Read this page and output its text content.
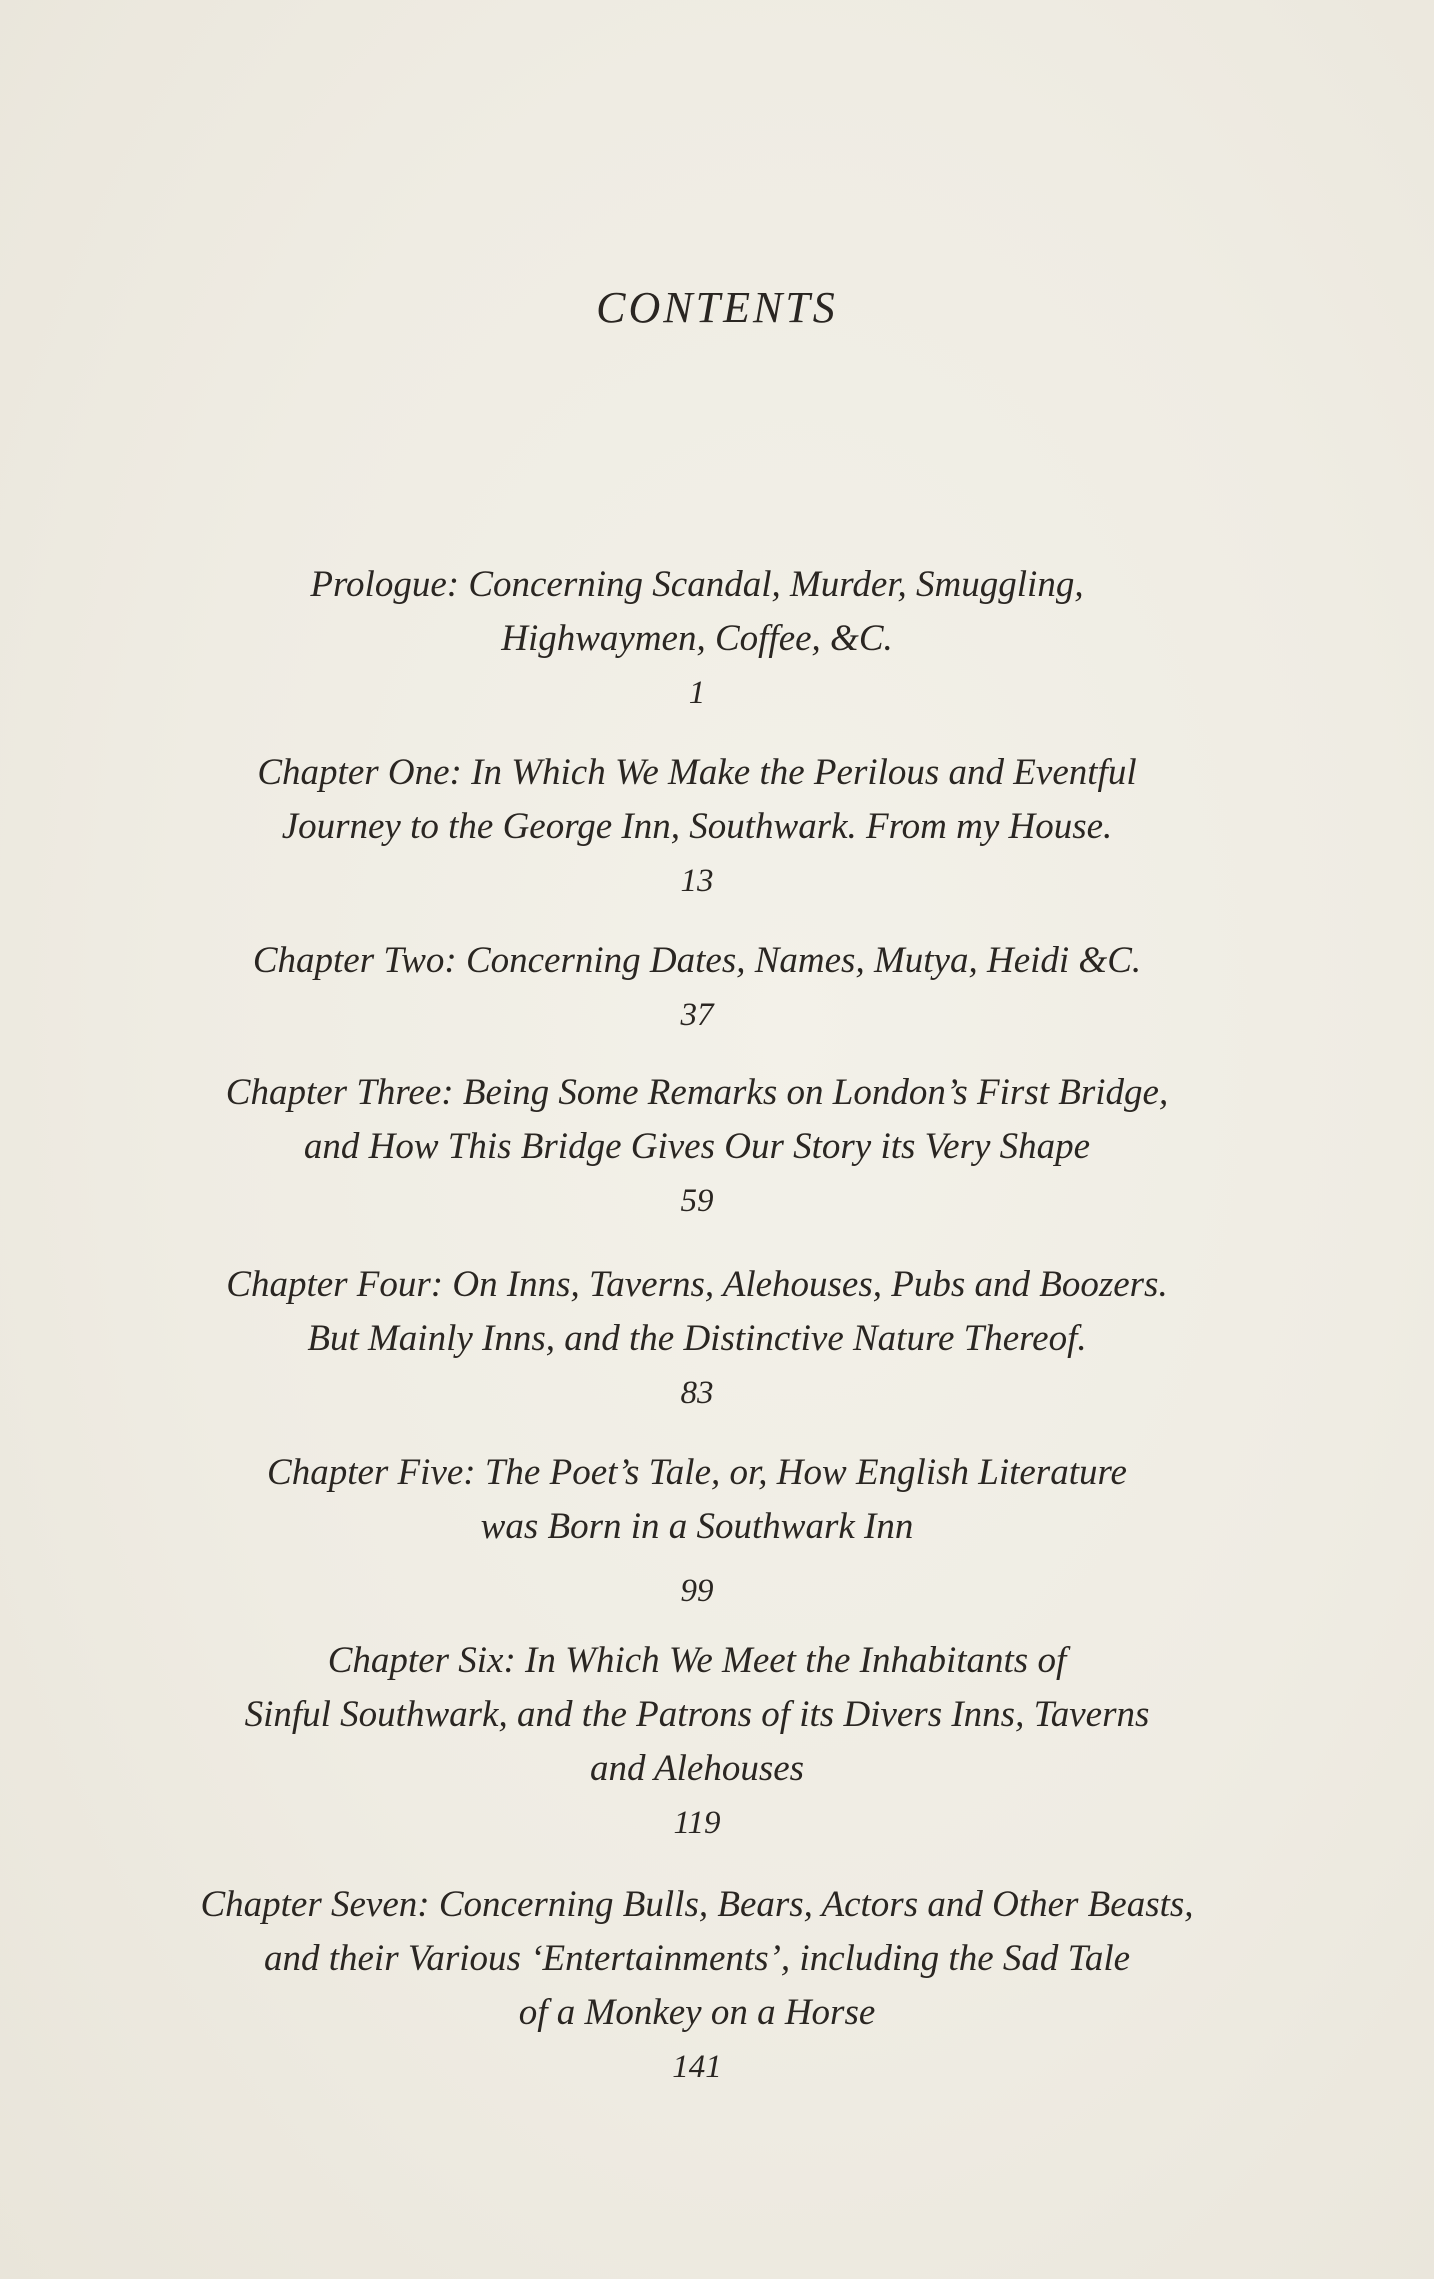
CONTENTS
Prologue: Concerning Scandal, Murder, Smuggling,
Highwaymen, Coffee, &C.
1
Chapter One: In Which We Make the Perilous and Eventful
Journey to the George Inn, Southwark. From my House.
13
Chapter Two: Concerning Dates, Names, Mutya, Heidi &C.
37
Chapter Three: Being Some Remarks on London’s First Bridge,
and How This Bridge Gives Our Story its Very Shape
59
Chapter Four: On Inns, Taverns, Alehouses, Pubs and Boozers.
But Mainly Inns, and the Distinctive Nature Thereof.
83
Chapter Five: The Poet’s Tale, or, How English Literature
was Born in a Southwark Inn
99
Chapter Six: In Which We Meet the Inhabitants of
Sinful Southwark, and the Patrons of its Divers Inns, Taverns
and Alehouses
119
Chapter Seven: Concerning Bulls, Bears, Actors and Other Beasts,
and their Various ‘Entertainments’, including the Sad Tale
of a Monkey on a Horse
141
